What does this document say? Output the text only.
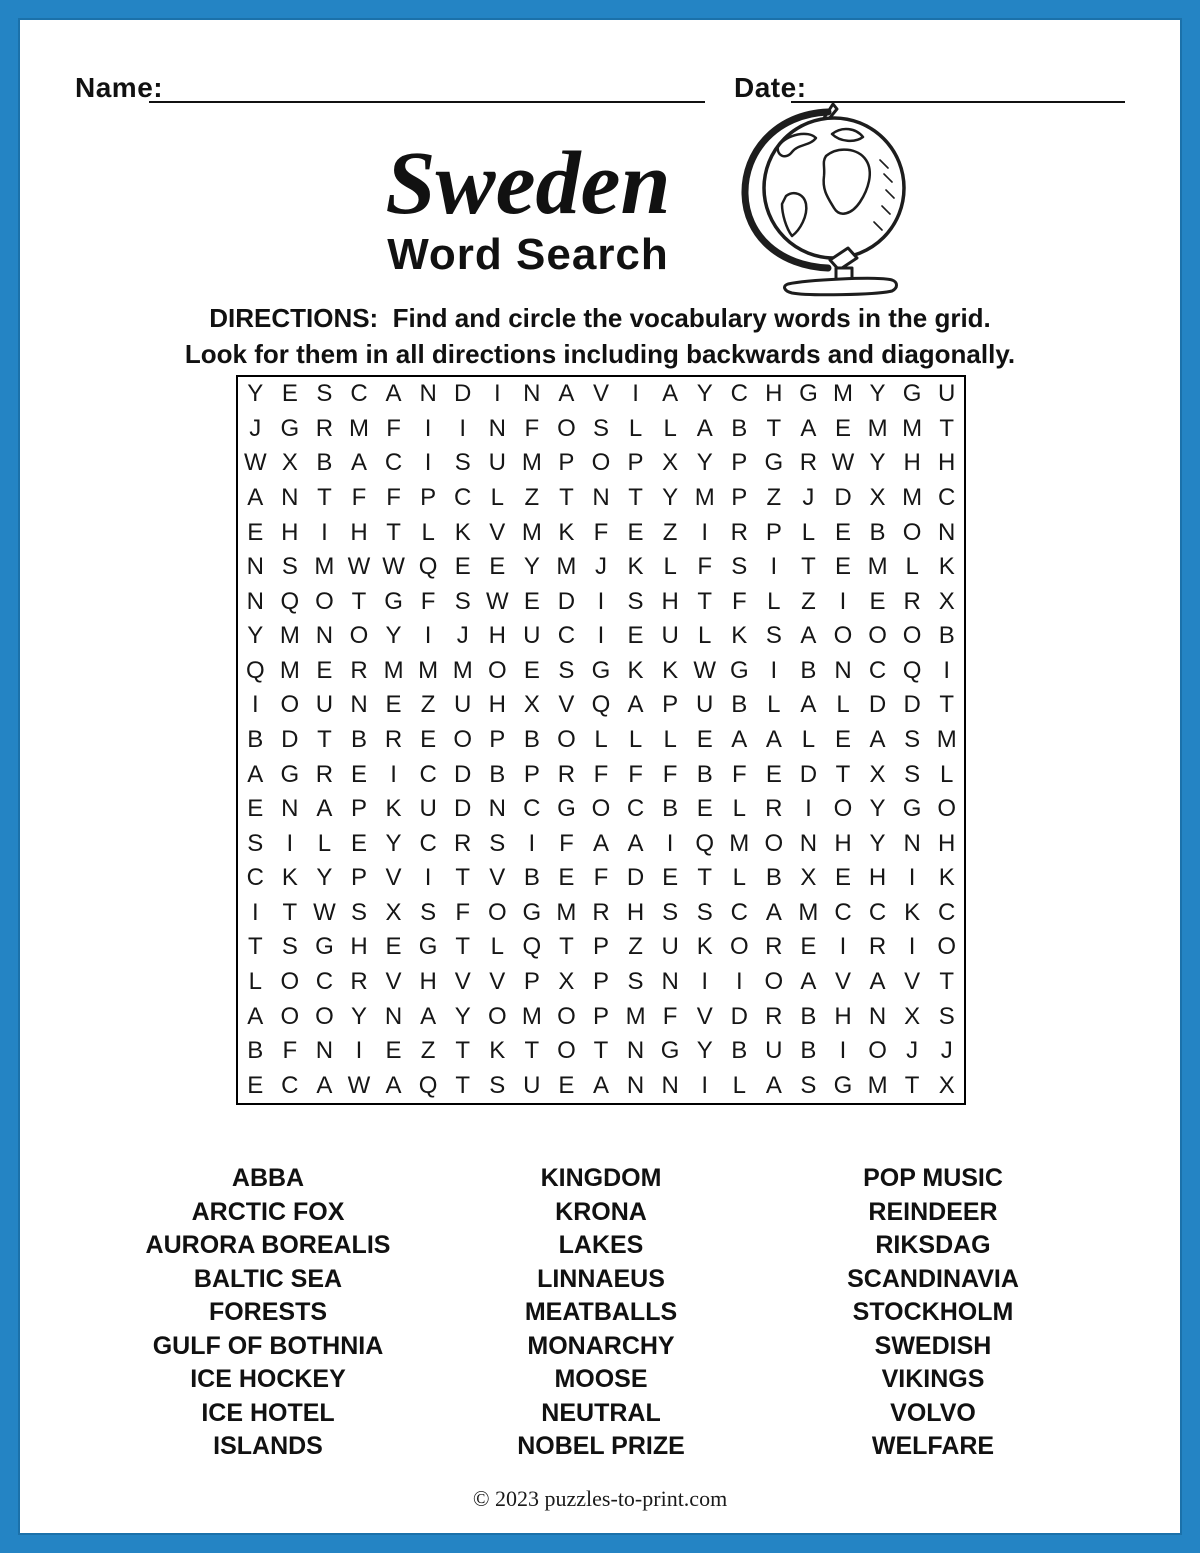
Name:	Date:
Sweden
Word Search
DIRECTIONS:  Find and circle the vocabulary words in the grid.
Look for them in all directions including backwards and diagonally.
Y E S C A N D I N A V I A Y C H G M Y G U
J G R M F I	I N F O S L L A B T A E M M T
W X B A C I S U M P O P X Y P G R W Y H H
A N T F F P C L Z T N T Y M P Z J D X M C
E H I H T L K V M K F E Z I R P L E B O N
N S M W W Q E E Y M J K L F S I T E M L K
N Q O T G F S W E D I S H T F L Z I E R X
Y M N O Y I	J H U C I E U L K S A O O O B
Q M E R M M M O E S G K K W G I B N C Q I
I O U N E Z U H X V Q A P U B L A L D D T
B D T B R E O P B O L L L E A A L E A S M
A G R E I C D B P R F F F B F E D T X S L
E N A P K U D N C G O C B E L R I O Y G O
S I	L E Y C R S I F A A I Q M O N H Y N H
C K Y P V I T V B E F D E T L B X E H I K
I T W S X S F O G M R H S S C A M C C K C
T S G H E G T L Q T P Z U K O R E I R I O
L O C R V H V V P X P S N I	I O A V A V T
A O O Y N A Y O M O P M F V D R B H N X S
B F N I E Z T K T O T N G Y B U B I O J J
E C A W A Q T S U E A N N I	L A S G M T X
ABBA
ARCTIC FOX
AURORA BOREALIS
BALTIC SEA
FORESTS
GULF OF BOTHNIA
ICE HOCKEY
ICE HOTEL
ISLANDS
KINGDOM
KRONA
LAKES
LINNAEUS
MEATBALLS
MONARCHY
MOOSE
NEUTRAL
NOBEL PRIZE
POP MUSIC
REINDEER
RIKSDAG
SCANDINAVIA
STOCKHOLM
SWEDISH
VIKINGS
VOLVO
WELFARE
© 2023 puzzles-to-print.com
